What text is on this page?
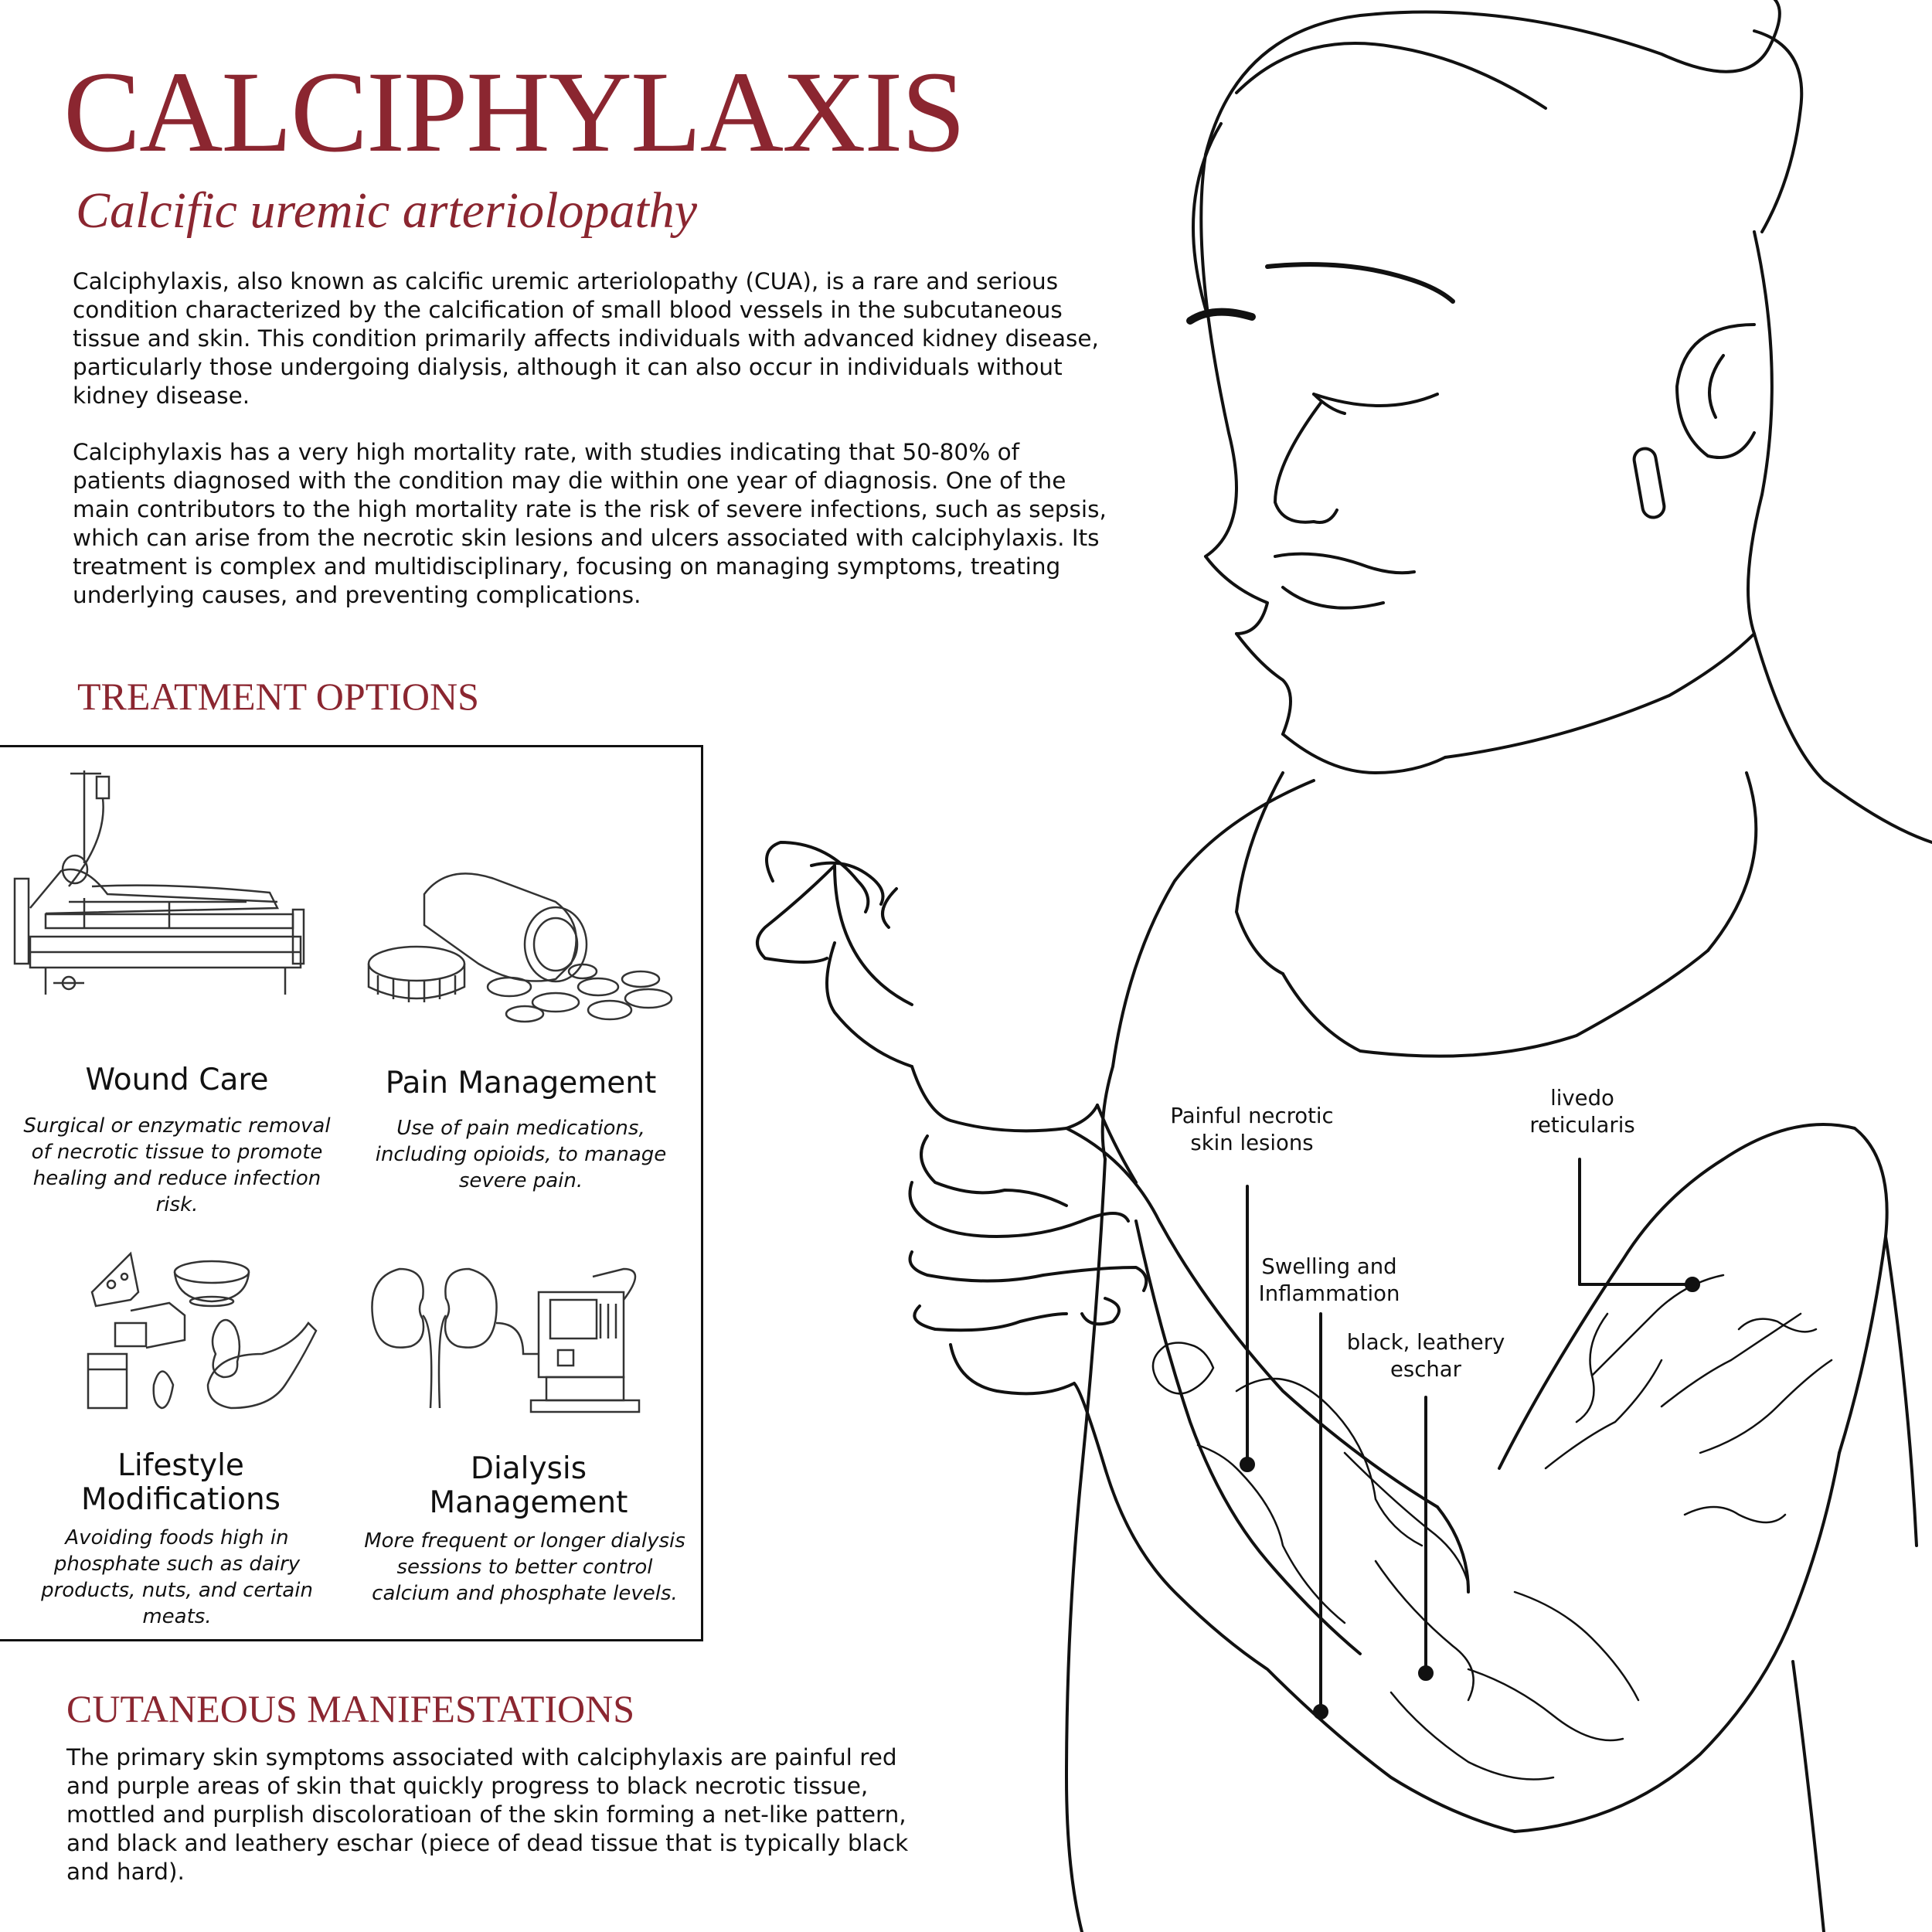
CALCIPHYLAXIS
Calcific uremic arteriolopathy

Calciphylaxis, also known as calcific uremic arteriolopathy (CUA), is a rare and serious condition characterized by the calcification of small blood vessels in the subcutaneous tissue and skin. This condition primarily affects individuals with advanced kidney disease, particularly those undergoing dialysis, although it can also occur in individuals without kidney disease.

Calciphylaxis has a very high mortality rate, with studies indicating that 50-80% of patients diagnosed with the condition may die within one year of diagnosis. One of the main contributors to the high mortality rate is the risk of severe infections, such as sepsis, which can arise from the necrotic skin lesions and ulcers associated with calciphylaxis. Its treatment is complex and multidisciplinary, focusing on managing symptoms, treating underlying causes, and preventing complications.

TREATMENT OPTIONS

Wound Care

Surgical or enzymatic removal of necrotic tissue to promote healing and reduce infection risk.

Pain Management

Use of pain medications, including opioids, to manage severe pain.

Lifestyle Modifications

Avoiding foods high in phosphate such as dairy products, nuts, and certain meats.

Dialysis Management

More frequent or longer dialysis sessions to better control calcium and phosphate levels.

CUTANEOUS MANIFESTATIONS

The primary skin symptoms associated with calciphylaxis are painful red and purple areas of skin that quickly progress to black necrotic tissue, mottled and purplish discoloratioan of the skin forming a net-like pattern, and black and leathery eschar (piece of dead tissue that is typically black and hard).

Painful necrotic skin lesions

livedo reticularis

Swelling and Inflammation

black, leathery eschar
